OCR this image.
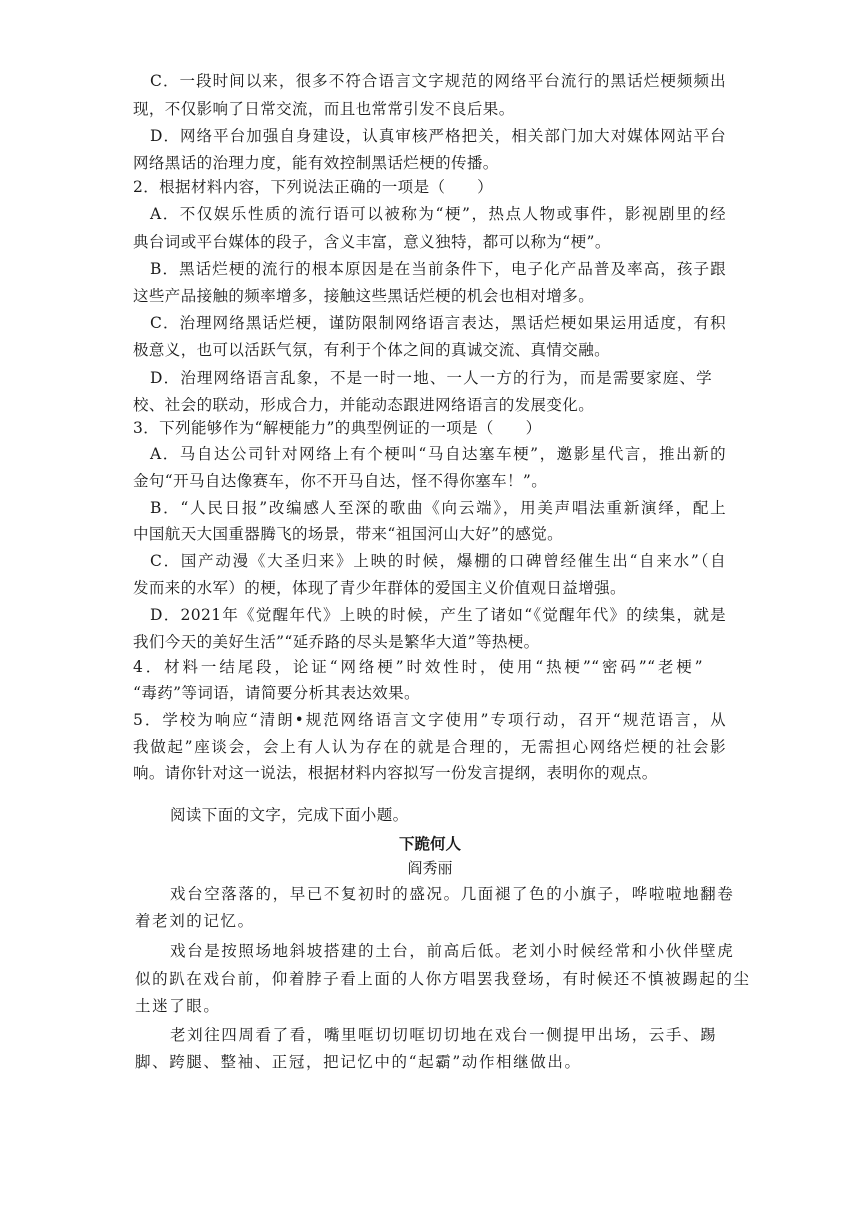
C．一段时间以来，很多不符合语言文字规范的网络平台流行的黑话烂梗频频出
现，不仅影响了日常交流，而且也常常引发不良后果。
D．网络平台加强自身建设，认真审核严格把关，相关部门加大对媒体网站平台
网络黑话的治理力度，能有效控制黑话烂梗的传播。
2．根据材料内容，下列说法正确的一项是（　　）
A．不仅娱乐性质的流行语可以被称为“梗”，热点人物或事件，影视剧里的经
典台词或平台媒体的段子，含义丰富，意义独特，都可以称为“梗”。
B．黑话烂梗的流行的根本原因是在当前条件下，电子化产品普及率高，孩子跟
这些产品接触的频率增多，接触这些黑话烂梗的机会也相对增多。
C．治理网络黑话烂梗，谨防限制网络语言表达，黑话烂梗如果运用适度，有积
极意义，也可以活跃气氛，有利于个体之间的真诚交流、真情交融。
D．治理网络语言乱象，不是一时一地、一人一方的行为，而是需要家庭、学
校、社会的联动，形成合力，并能动态跟进网络语言的发展变化。
3．下列能够作为“解梗能力”的典型例证的一项是（　　）
A．马自达公司针对网络上有个梗叫“马自达塞车梗”，邀影星代言，推出新的
金句“开马自达像赛车，你不开马自达，怪不得你塞车！”。
B．“人民日报”改编感人至深的歌曲《向云端》，用美声唱法重新演绎，配上
中国航天大国重器腾飞的场景，带来“祖国河山大好”的感觉。
C．国产动漫《大圣归来》上映的时候，爆棚的口碑曾经催生出“自来水”（自
发而来的水军）的梗，体现了青少年群体的爱国主义价值观日益增强。
D．2021年《觉醒年代》上映的时候，产生了诸如“《觉醒年代》的续集，就是
我们今天的美好生活”“延乔路的尽头是繁华大道”等热梗。
4．材料一结尾段，论证“网络梗”时效性时，使用“热梗”“密码”“老梗”
“毒药”等词语，请简要分析其表达效果。
5．学校为响应“清朗•规范网络语言文字使用”专项行动，召开“规范语言，从
我做起”座谈会，会上有人认为存在的就是合理的，无需担心网络烂梗的社会影
响。请你针对这一说法，根据材料内容拟写一份发言提纲，表明你的观点。
阅读下面的文字，完成下面小题。
下跪何人
阎秀丽
戏台空落落的，早已不复初时的盛况。几面褪了色的小旗子，哗啦啦地翻卷
着老刘的记忆。
戏台是按照场地斜坡搭建的土台，前高后低。老刘小时候经常和小伙伴壁虎
似的趴在戏台前，仰着脖子看上面的人你方唱罢我登场，有时候还不慎被踢起的尘
土迷了眼。
老刘往四周看了看，嘴里哐切切哐切切地在戏台一侧提甲出场，云手、踢
脚、跨腿、整袖、正冠，把记忆中的“起霸”动作相继做出。
